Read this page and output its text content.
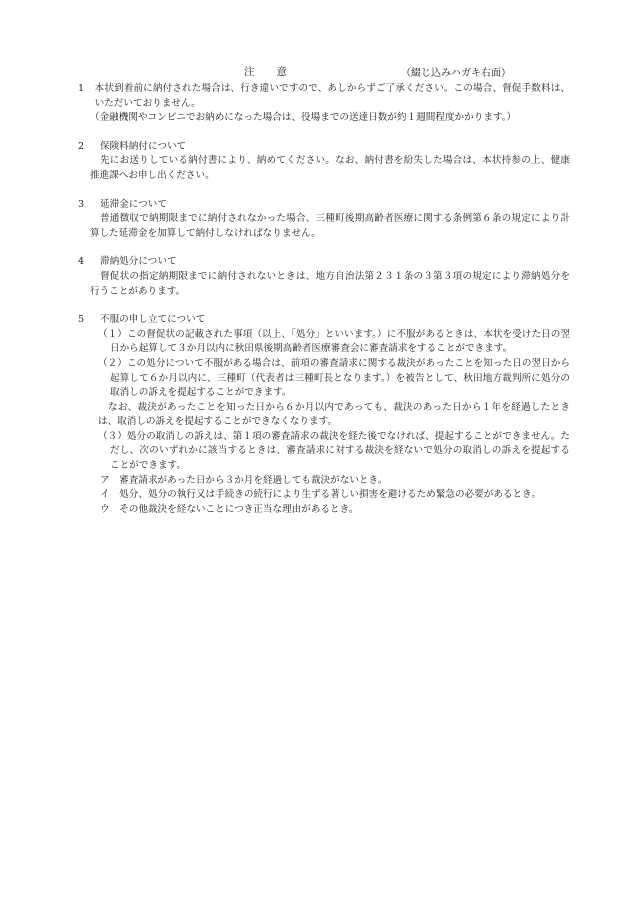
注意	（綴じ込みハガキ右面）
1 本状到着前に納付された場合は、行き違いですので、あしからずご了承ください。この場合、督促手数料は、いただいておりません。
（金融機関やコンビニでお納めになった場合は、役場までの送達日数が約１週間程度かかります。）
2 保険料納付について
先にお送りしている納付書により、納めてください。なお、納付書を紛失した場合は、本状持参の上、健康推進課へお申し出ください。
3 延滞金について
普通徴収で納期限までに納付されなかった場合、三種町後期高齢者医療に関する条例第６条の規定により計算した延滞金を加算して納付しなければなりません。
4 滞納処分について
督促状の指定納期限までに納付されないときは、地方自治法第２３１条の３第３項の規定により滞納処分を行うことがあります。
5 不服の申し立てについて
（１）この督促状の記載された事項（以上、「処分」といいます。）に不服があるときは、本状を受けた日の翌日から起算して３か月以内に秋田県後期高齢者医療審査会に審査請求をすることができます。
（２）この処分について不服がある場合は、前項の審査請求に関する裁決があったことを知った日の翌日から起算して６か月以内に、三種町（代表者は三種町長となります。）を被告として、秋田地方裁判所に処分の取消しの訴えを提起することができます。
なお、裁決があったことを知った日から６か月以内であっても、裁決のあった日から１年を経過したときは、取消しの訴えを提起することができなくなります。
（３）処分の取消しの訴えは、第１項の審査請求の裁決を経た後でなければ、提起することができません。ただし、次のいずれかに該当するときは、審査請求に対する裁決を経ないで処分の取消しの訴えを提起することができます。
ア　審査請求があった日から３か月を経過しても裁決がないとき。
イ　処分、処分の執行又は手続きの続行により生ずる著しい損害を避けるため緊急の必要があるとき。
ウ　その他裁決を経ないことにつき正当な理由があるとき。
